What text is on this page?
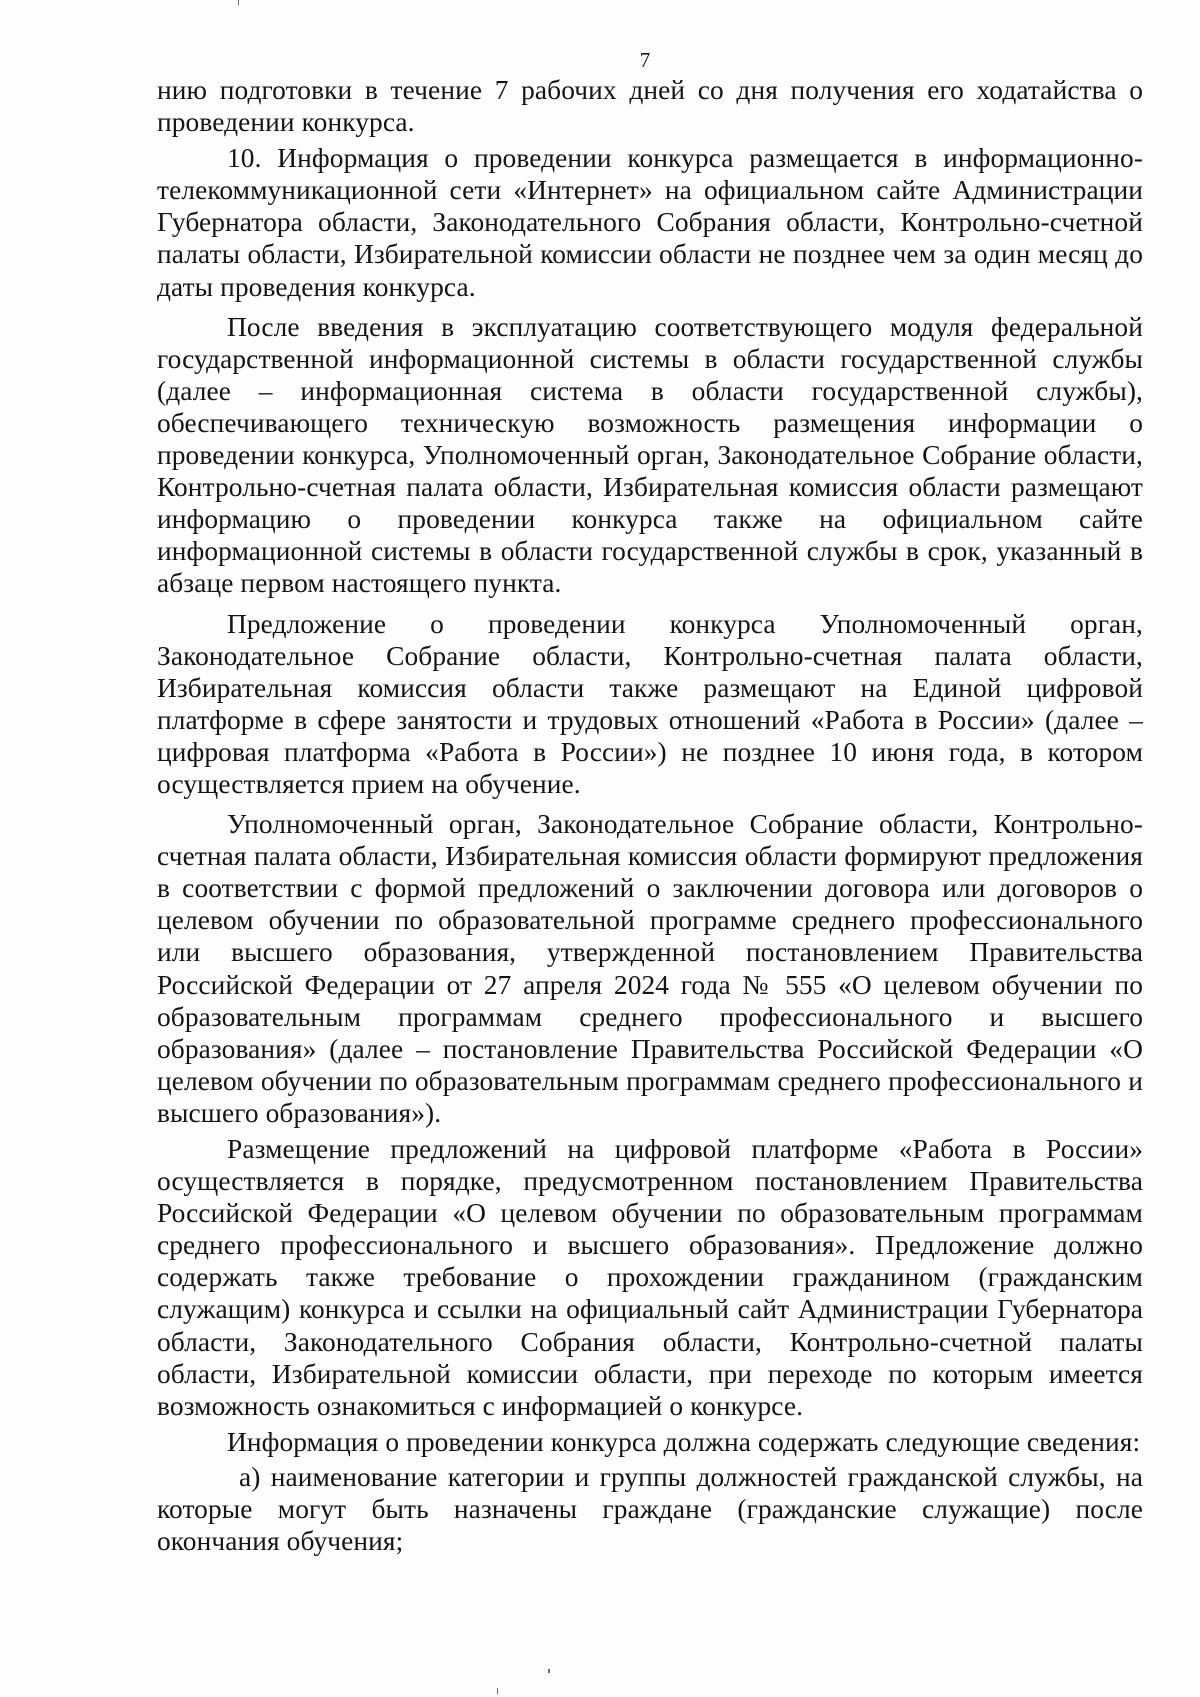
7

нию подготовки в течение 7 рабочих дней со дня получения его ходатайства о проведении конкурса.

10. Информация о проведении конкурса размещается в информационно-телекоммуникационной сети «Интернет» на официальном сайте Администрации Губернатора области, Законодательного Собрания области, Контрольно-счетной палаты области, Избирательной комиссии области не позднее чем за один месяц до даты проведения конкурса.

После введения в эксплуатацию соответствующего модуля федеральной государственной информационной системы в области государственной службы (далее – информационная система в области государственной службы), обеспечивающего техническую возможность размещения информации о проведении конкурса, Уполномоченный орган, Законодательное Собрание области, Контрольно-счетная палата области, Избирательная комиссия области размещают информацию о проведении конкурса также на официальном сайте информационной системы в области государственной службы в срок, указанный в абзаце первом настоящего пункта.

Предложение о проведении конкурса Уполномоченный орган, Законодательное Собрание области, Контрольно-счетная палата области, Избирательная комиссия области также размещают на Единой цифровой платформе в сфере занятости и трудовых отношений «Работа в России» (далее – цифровая платформа «Работа в России») не позднее 10 июня года, в котором осуществляется прием на обучение.

Уполномоченный орган, Законодательное Собрание области, Контрольно-счетная палата области, Избирательная комиссия области формируют предложения в соответствии с формой предложений о заключении договора или договоров о целевом обучении по образовательной программе среднего профессионального или высшего образования, утвержденной постановлением Правительства Российской Федерации от 27 апреля 2024 года № 555 «О целевом обучении по образовательным программам среднего профессионального и высшего образования» (далее – постановление Правительства Российской Федерации «О целевом обучении по образовательным программам среднего профессионального и высшего образования»).

Размещение предложений на цифровой платформе «Работа в России» осуществляется в порядке, предусмотренном постановлением Правительства Российской Федерации «О целевом обучении по образовательным программам среднего профессионального и высшего образования». Предложение должно содержать также требование о прохождении гражданином (гражданским служащим) конкурса и ссылки на официальный сайт Администрации Губернатора области, Законодательного Собрания области, Контрольно-счетной палаты области, Избирательной комиссии области, при переходе по которым имеется возможность ознакомиться с информацией о конкурсе.

Информация о проведении конкурса должна содержать следующие сведения:

а) наименование категории и группы должностей гражданской службы, на которые могут быть назначены граждане (гражданские служащие) после окончания обучения;
